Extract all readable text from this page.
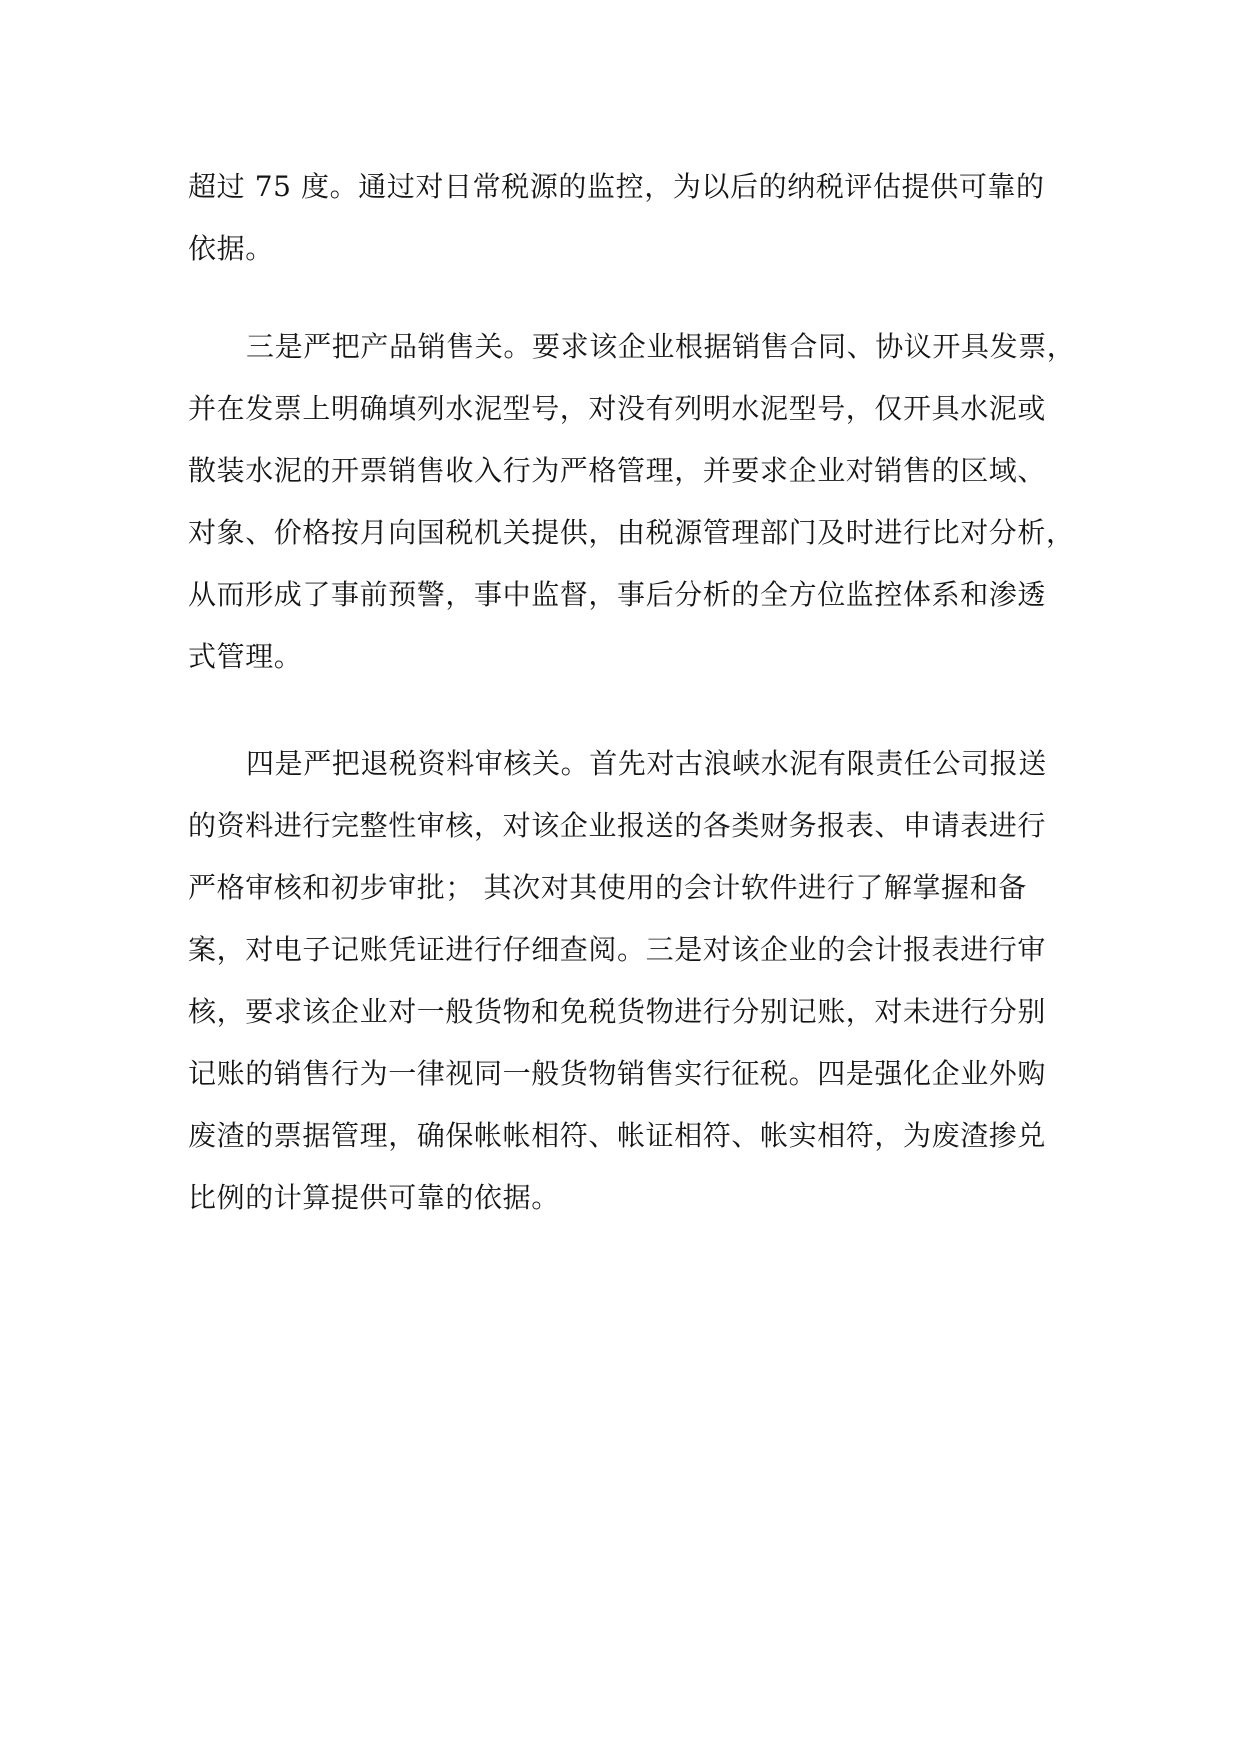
超过 75 度。通过对日常税源的监控，为以后的纳税评估提供可靠的
依据。
三是严把产品销售关。要求该企业根据销售合同、协议开具发票，
并在发票上明确填列水泥型号，对没有列明水泥型号，仅开具水泥或
散装水泥的开票销售收入行为严格管理，并要求企业对销售的区域、
对象、价格按月向国税机关提供，由税源管理部门及时进行比对分析，
从而形成了事前预警，事中监督，事后分析的全方位监控体系和渗透
式管理。
四是严把退税资料审核关。首先对古浪峡水泥有限责任公司报送
的资料进行完整性审核，对该企业报送的各类财务报表、申请表进行
严格审核和初步审批； 其次对其使用的会计软件进行了解掌握和备
案，对电子记账凭证进行仔细查阅。三是对该企业的会计报表进行审
核，要求该企业对一般货物和免税货物进行分别记账，对未进行分别
记账的销售行为一律视同一般货物销售实行征税。四是强化企业外购
废渣的票据管理，确保帐帐相符、帐证相符、帐实相符，为废渣掺兑
比例的计算提供可靠的依据。
